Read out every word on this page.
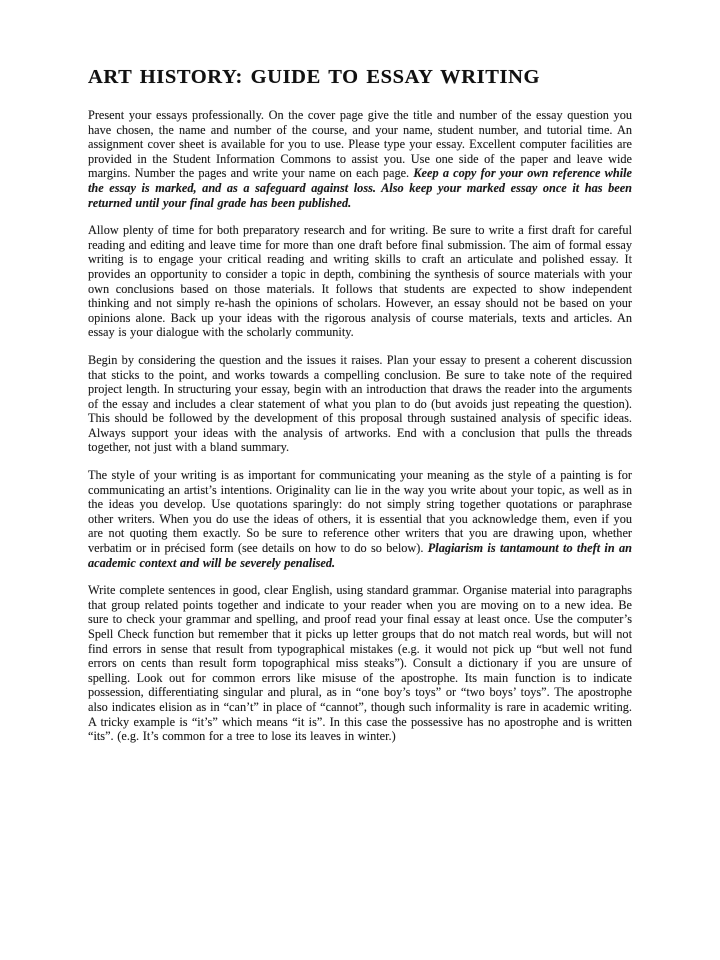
ART HISTORY: GUIDE TO ESSAY WRITING

Present your essays professionally. On the cover page give the title and number of the essay question you have chosen, the name and number of the course, and your name, student number, and tutorial time. An assignment cover sheet is available for you to use. Please type your essay. Excellent computer facilities are provided in the Student Information Commons to assist you. Use one side of the paper and leave wide margins. Number the pages and write your name on each page. Keep a copy for your own reference while the essay is marked, and as a safeguard against loss. Also keep your marked essay once it has been returned until your final grade has been published.

Allow plenty of time for both preparatory research and for writing. Be sure to write a first draft for careful reading and editing and leave time for more than one draft before final submission. The aim of formal essay writing is to engage your critical reading and writing skills to craft an articulate and polished essay. It provides an opportunity to consider a topic in depth, combining the synthesis of source materials with your own conclusions based on those materials. It follows that students are expected to show independent thinking and not simply re-hash the opinions of scholars. However, an essay should not be based on your opinions alone. Back up your ideas with the rigorous analysis of course materials, texts and articles. An essay is your dialogue with the scholarly community.

Begin by considering the question and the issues it raises. Plan your essay to present a coherent discussion that sticks to the point, and works towards a compelling conclusion. Be sure to take note of the required project length. In structuring your essay, begin with an introduction that draws the reader into the arguments of the essay and includes a clear statement of what you plan to do (but avoids just repeating the question). This should be followed by the development of this proposal through sustained analysis of specific ideas. Always support your ideas with the analysis of artworks. End with a conclusion that pulls the threads together, not just with a bland summary.

The style of your writing is as important for communicating your meaning as the style of a painting is for communicating an artist’s intentions. Originality can lie in the way you write about your topic, as well as in the ideas you develop. Use quotations sparingly: do not simply string together quotations or paraphrase other writers. When you do use the ideas of others, it is essential that you acknowledge them, even if you are not quoting them exactly. So be sure to reference other writers that you are drawing upon, whether verbatim or in précised form (see details on how to do so below). Plagiarism is tantamount to theft in an academic context and will be severely penalised.

Write complete sentences in good, clear English, using standard grammar. Organise material into paragraphs that group related points together and indicate to your reader when you are moving on to a new idea. Be sure to check your grammar and spelling, and proof read your final essay at least once. Use the computer’s Spell Check function but remember that it picks up letter groups that do not match real words, but will not find errors in sense that result from typographical mistakes (e.g. it would not pick up “but well not fund errors on cents than result form topographical miss steaks”). Consult a dictionary if you are unsure of spelling. Look out for common errors like misuse of the apostrophe. Its main function is to indicate possession, differentiating singular and plural, as in “one boy’s toys” or “two boys’ toys”. The apostrophe also indicates elision as in “can’t” in place of “cannot”, though such informality is rare in academic writing. A tricky example is “it’s” which means “it is”. In this case the possessive has no apostrophe and is written “its”. (e.g. It’s common for a tree to lose its leaves in winter.)
